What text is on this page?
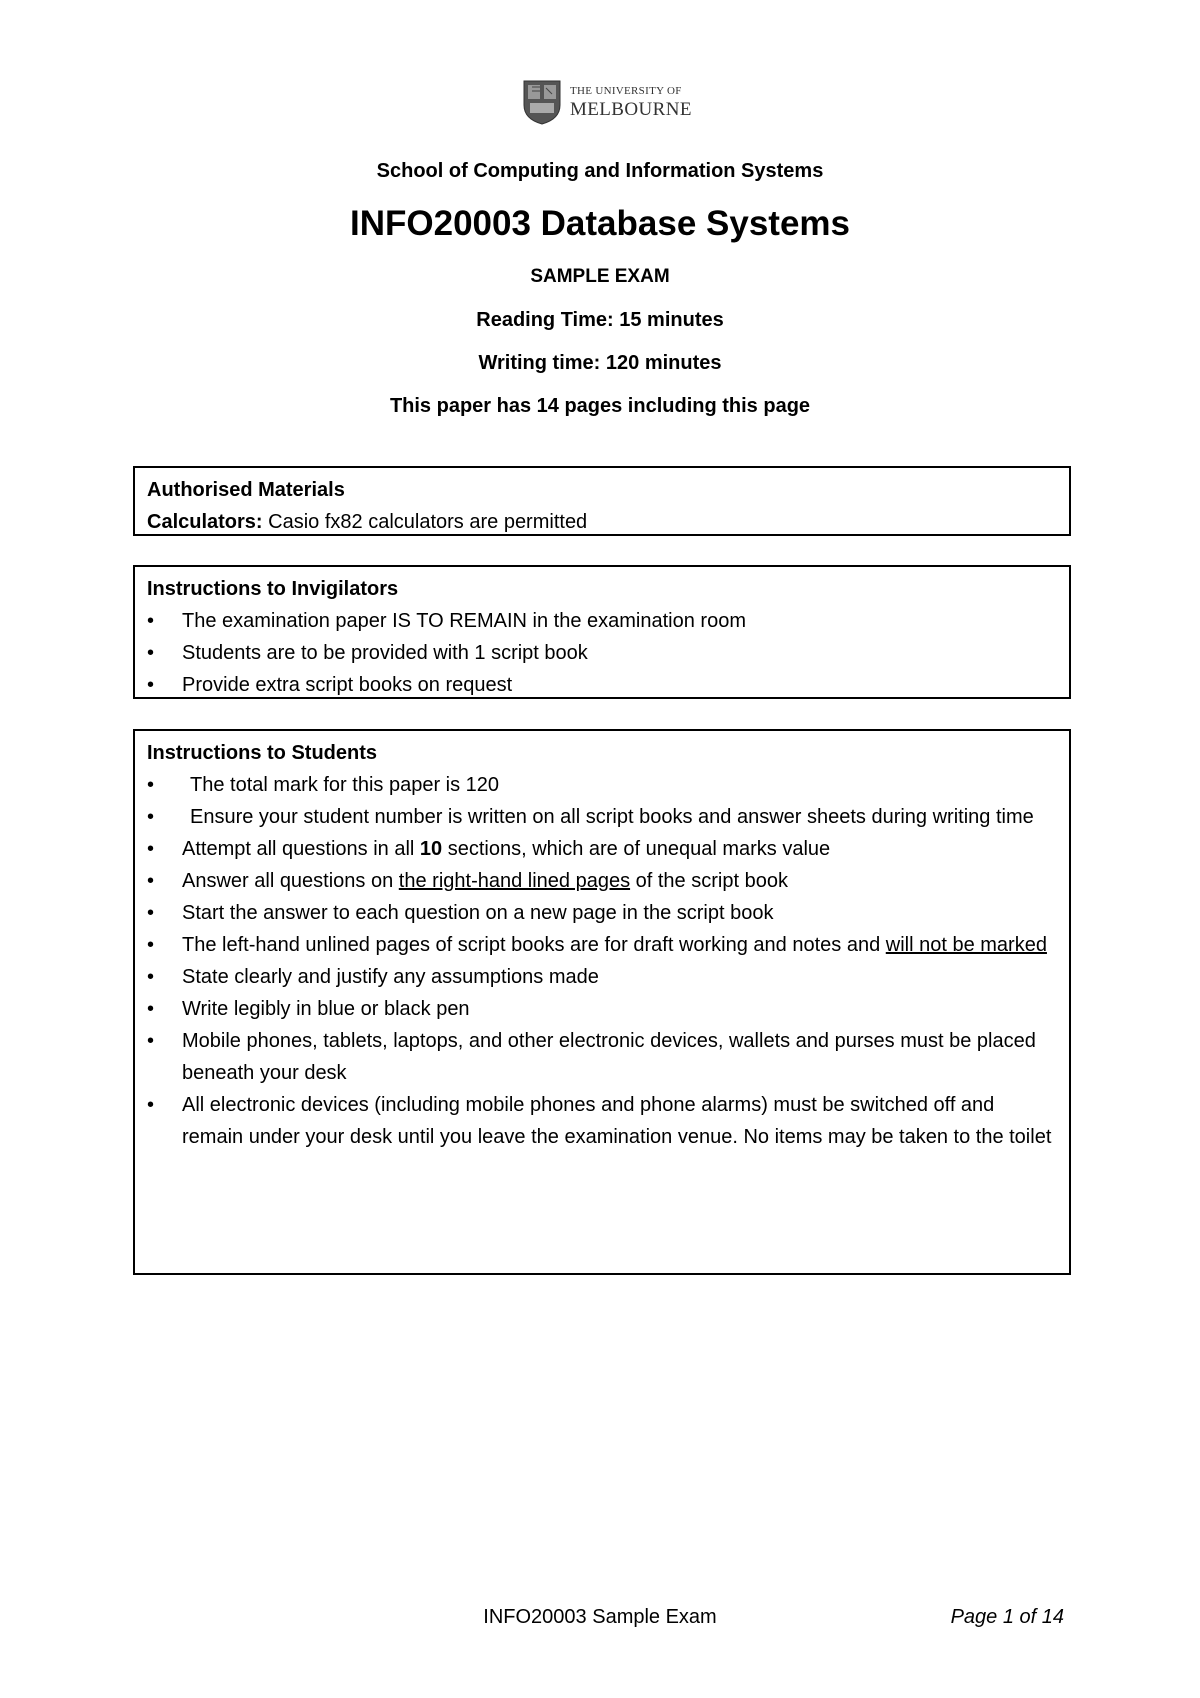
THE UNIVERSITY OF
MELBOURNE
School of Computing and Information Systems
INFO20003 Database Systems
SAMPLE EXAM
Reading Time: 15 minutes
Writing time: 120 minutes
This paper has 14 pages including this page
Authorised Materials
Calculators: Casio fx82 calculators are permitted
Instructions to Invigilators
• The examination paper IS TO REMAIN in the examination room
• Students are to be provided with 1 script book
• Provide extra script books on request
Instructions to Students
• The total mark for this paper is 120
• Ensure your student number is written on all script books and answer sheets during writing time
• Attempt all questions in all 10 sections, which are of unequal marks value
• Answer all questions on the right-hand lined pages of the script book
• Start the answer to each question on a new page in the script book
• The left-hand unlined pages of script books are for draft working and notes and will not be marked
• State clearly and justify any assumptions made
• Write legibly in blue or black pen
• Mobile phones, tablets, laptops, and other electronic devices, wallets and purses must be placed beneath your desk
• All electronic devices (including mobile phones and phone alarms) must be switched off and remain under your desk until you leave the examination venue. No items may be taken to the toilet
INFO20003 Sample Exam	Page 1 of 14
